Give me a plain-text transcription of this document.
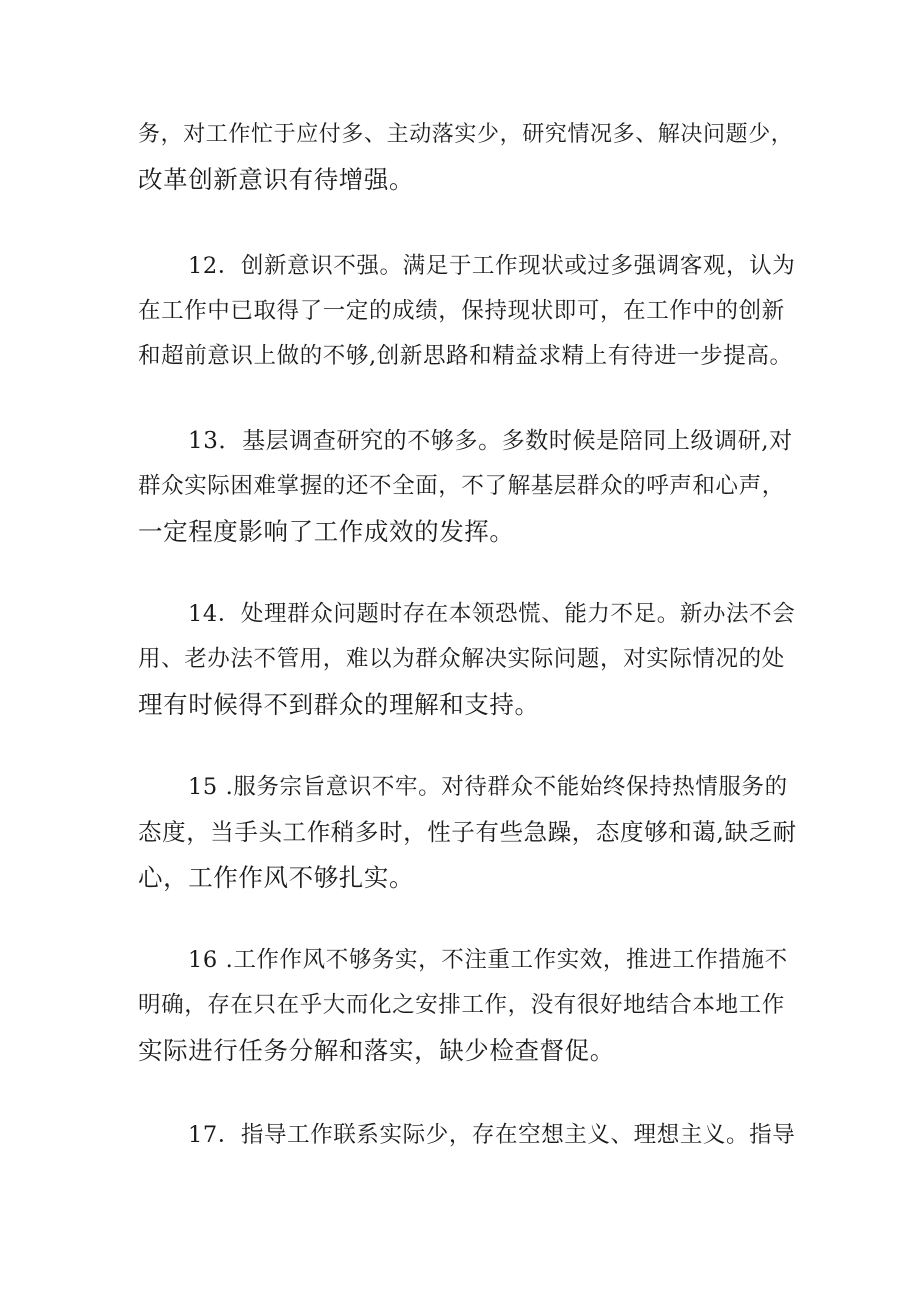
务，对工作忙于应付多、主动落实少，研究情况多、解决问题少，
改革创新意识有待增强。
12．创新意识不强。满足于工作现状或过多强调客观，认为
在工作中已取得了一定的成绩，保持现状即可，在工作中的创新
和超前意识上做的不够,创新思路和精益求精上有待进一步提高。
13．基层调查研究的不够多。多数时候是陪同上级调研,对
群众实际困难掌握的还不全面，不了解基层群众的呼声和心声，
一定程度影响了工作成效的发挥。
14．处理群众问题时存在本领恐慌、能力不足。新办法不会
用、老办法不管用，难以为群众解决实际问题，对实际情况的处
理有时候得不到群众的理解和支持。
15 .服务宗旨意识不牢。对待群众不能始终保持热情服务的
态度，当手头工作稍多时，性子有些急躁，态度够和蔼,缺乏耐
心，工作作风不够扎实。
16 .工作作风不够务实，不注重工作实效，推进工作措施不
明确，存在只在乎大而化之安排工作，没有很好地结合本地工作
实际进行任务分解和落实，缺少检查督促。
17．指导工作联系实际少，存在空想主义、理想主义。指导
